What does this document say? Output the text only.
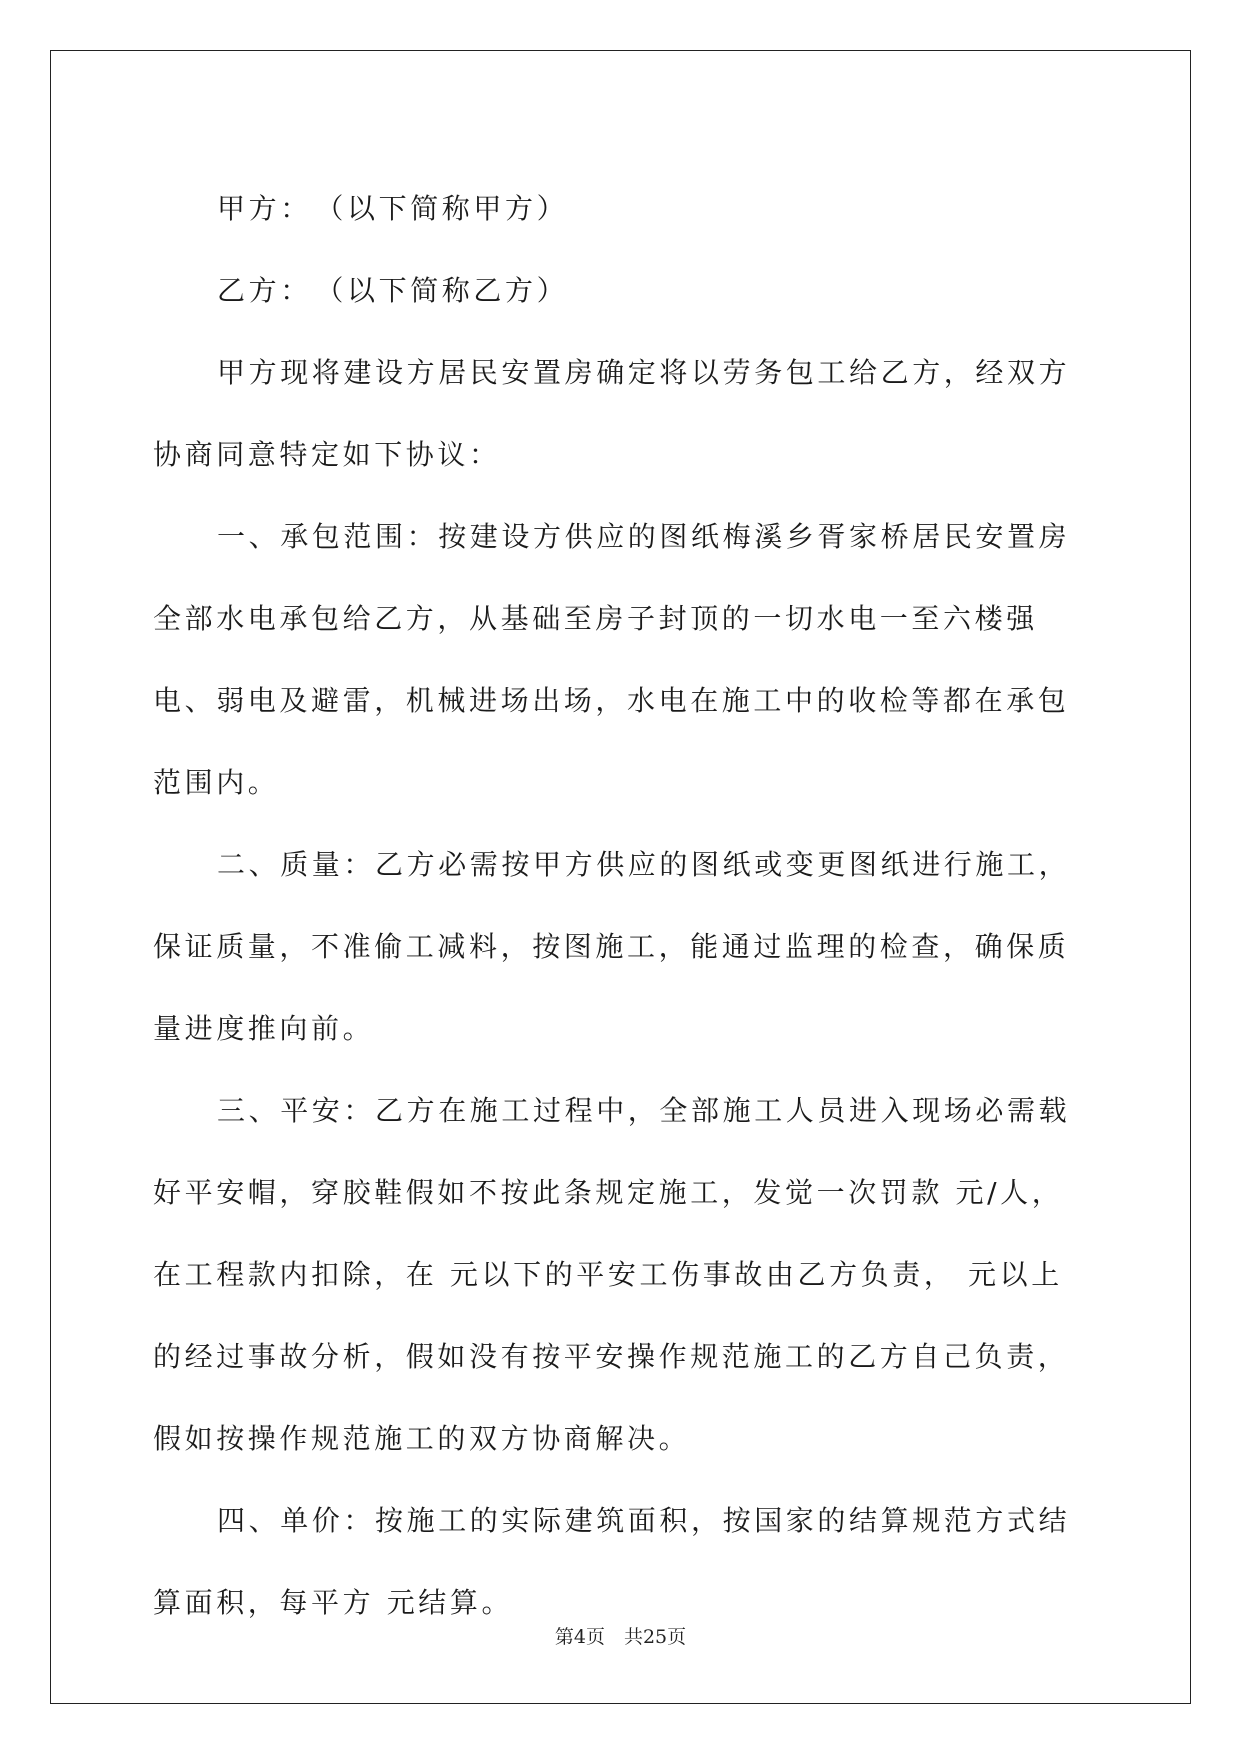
甲方：　（以下简称甲方）

乙方：　（以下简称乙方）

甲方现将建设方居民安置房确定将以劳务包工给乙方，经双方协商同意特定如下协议：

一、承包范围：按建设方供应的图纸梅溪乡胥家桥居民安置房全部水电承包给乙方，从基础至房子封顶的一切水电一至六楼强电、弱电及避雷，机械进场出场，水电在施工中的收检等都在承包范围内。

二、质量：乙方必需按甲方供应的图纸或变更图纸进行施工，保证质量，不准偷工减料，按图施工，能通过监理的检查，确保质量进度推向前。

三、平安：乙方在施工过程中，全部施工人员进入现场必需载好平安帽，穿胶鞋假如不按此条规定施工，发觉一次罚款 元/人，在工程款内扣除，在 元以下的平安工伤事故由乙方负责， 元以上的经过事故分析，假如没有按平安操作规范施工的乙方自己负责，假如按操作规范施工的双方协商解决。

四、单价：按施工的实际建筑面积，按国家的结算规范方式结算面积，每平方 元结算。

第4页　共25页
